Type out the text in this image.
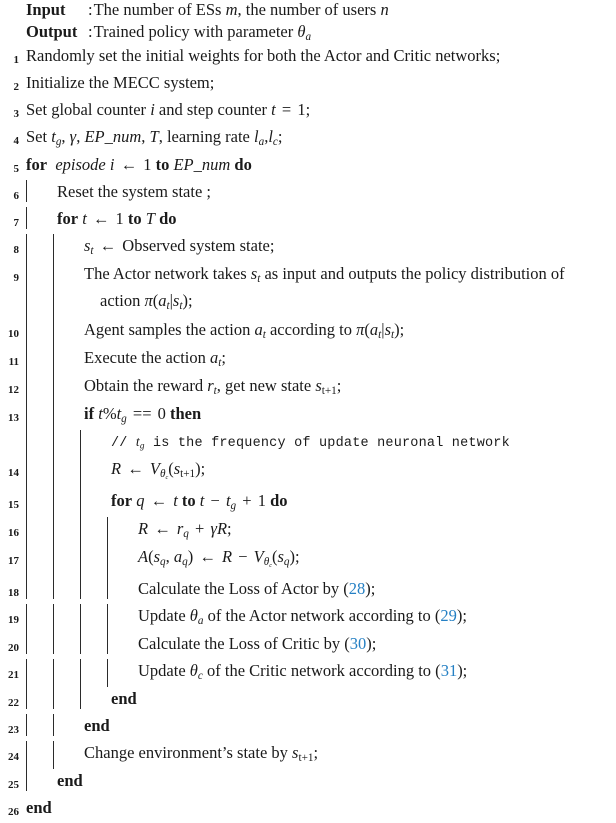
Input	: The number of ESs m, the number of users n
Output : Trained policy with parameter $\theta_a$
1 Randomly set the initial weights for both the Actor and Critic networks;
2 Initialize the MECC system;
3 Set global counter i and step counter t = 1;
4 Set $t_g$, γ, EP_num, T, learning rate $l_a,l_c$;
5 for episode i ← 1 to EP_num do
6 Reset the system state ;
7 for t ← 1 to T do
8	$s_t$ ← Observed system state;
9	The Actor network takes $s_t$ as input and outputs the policy distribution of
action $\pi(a_t|s_t)$;
10	Agent samples the action $a_t$ according to $\pi(a_t|s_t)$;
11	Execute the action $a_t$;
12	Obtain the reward $r_t$, get new state $s_{t+1}$;
13	if $t\%t_g == 0$ then
// $t_g$ is the frequency of update neuronal network
14	R ← $V_{\theta c}(s_{t+1})$;
15	for q ← t to $t - t_g + 1$ do
16	R ← $r_q + \gamma R$;
17	$A(s_q$, $a_q$) ← $R - V_{\theta c}(s_q)$;
18	Calculate the Loss of Actor by (28);
19	Update $\theta_a$ of the Actor network according to (29);
20	Calculate the Loss of Critic by (30);
21	Update $\theta_c$ of the Critic network according to (31);
22	end
23	end
24	Change environment’s state by $s_{t+1}$;
25 end
26 end
